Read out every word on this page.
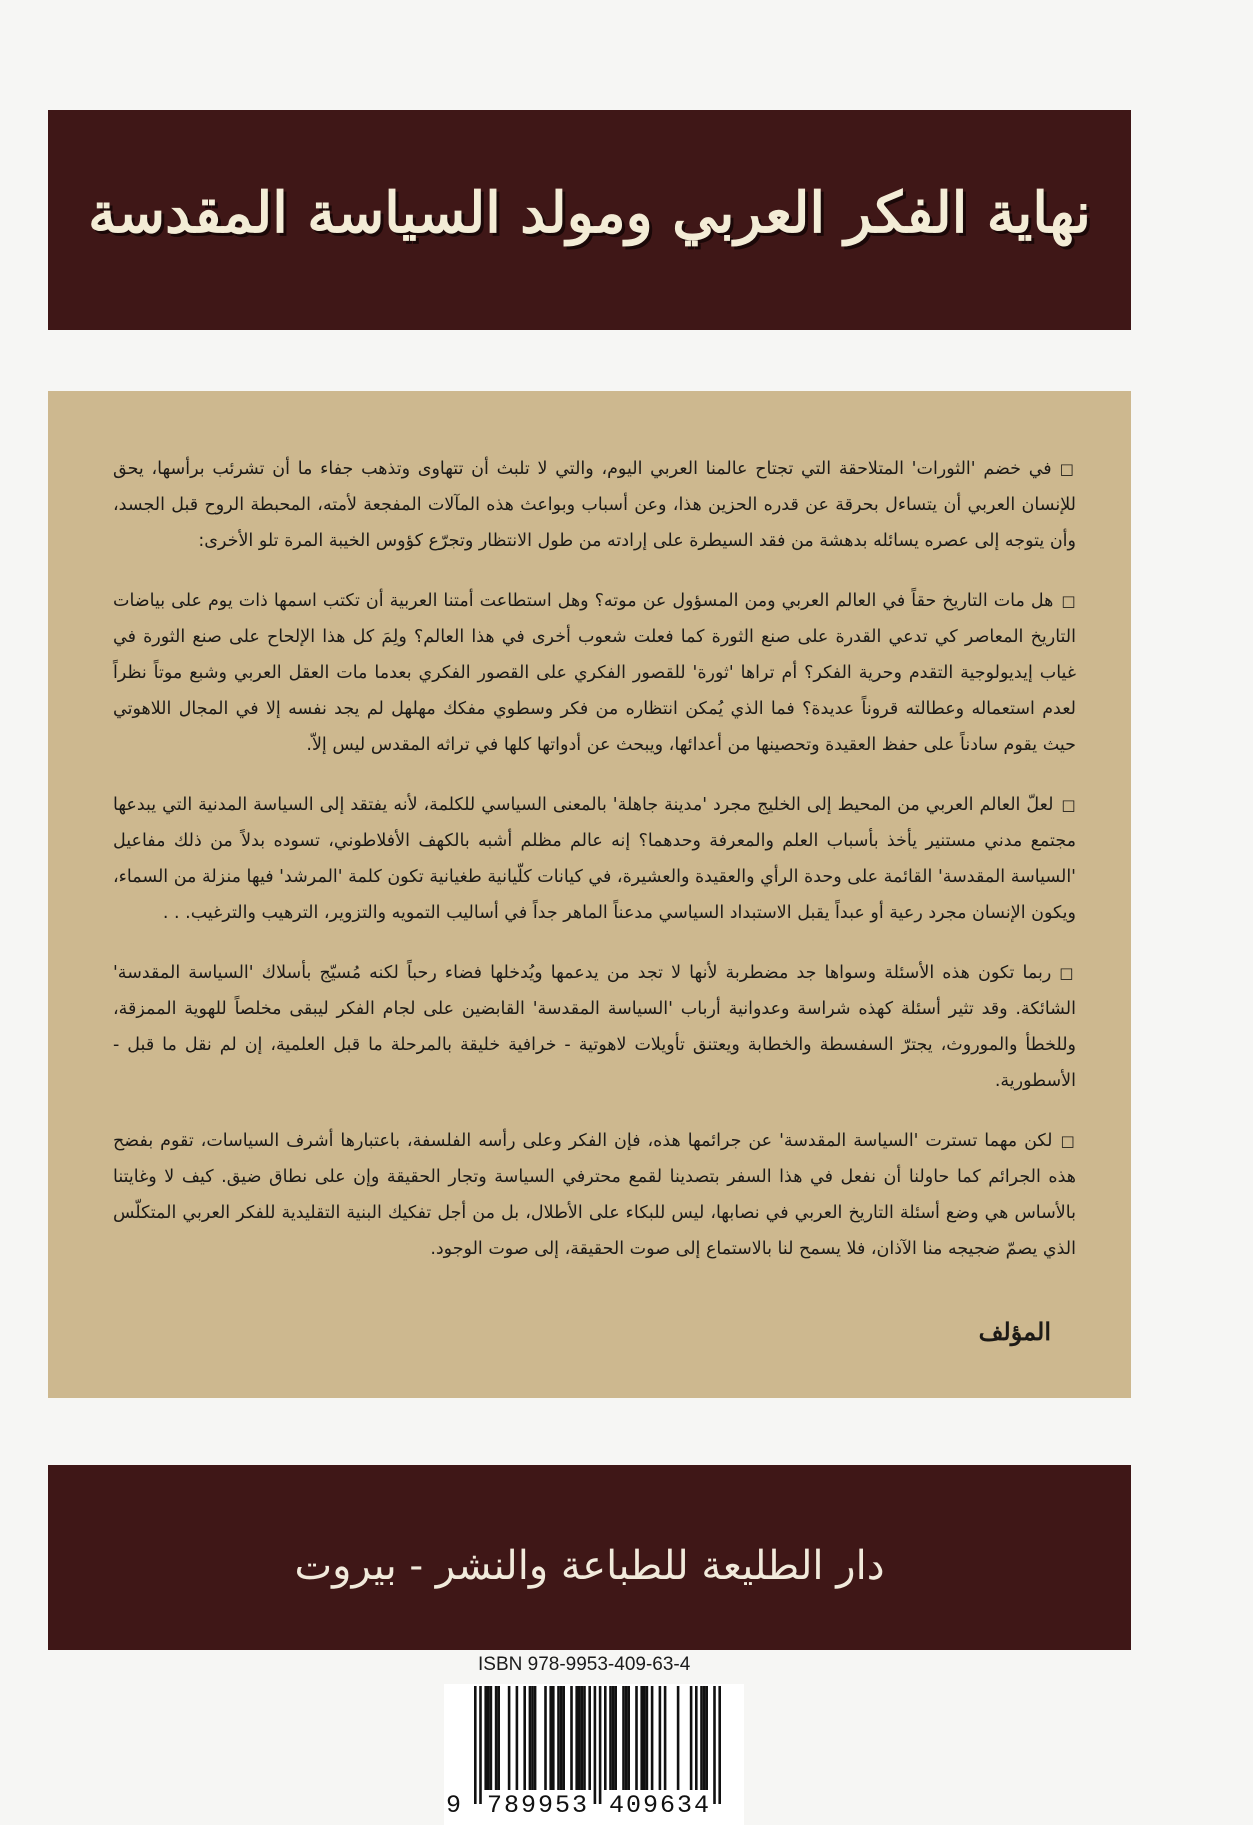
نهاية الفكر العربي ومولد السياسة المقدسة

□في خضم 'الثورات' المتلاحقة التي تجتاح عالمنا العربي اليوم، والتي لا تلبث أن تتهاوى وتذهب جفاء ما أن تشرئب برأسها، يحق للإنسان العربي أن يتساءل بحرقة عن قدره الحزين هذا، وعن أسباب وبواعث هذه المآلات المفجعة لأمته، المحبطة الروح قبل الجسد، وأن يتوجه إلى عصره يسائله بدهشة من فقد السيطرة على إرادته من طول الانتظار وتجرّع كؤوس الخيبة المرة تلو الأخرى:

□هل مات التاريخ حقاً في العالم العربي ومن المسؤول عن موته؟ وهل استطاعت أمتنا العربية أن تكتب اسمها ذات يوم على بياضات التاريخ المعاصر كي تدعي القدرة على صنع الثورة كما فعلت شعوب أخرى في هذا العالم؟ ولِمَ كل هذا الإلحاح على صنع الثورة في غياب إيديولوجية التقدم وحرية الفكر؟ أم تراها 'ثورة' للقصور الفكري على القصور الفكري بعدما مات العقل العربي وشبع موتاً نظراً لعدم استعماله وعطالته قروناً عديدة؟ فما الذي يُمكن انتظاره من فكر وسطوي مفكك مهلهل لم يجد نفسه إلا في المجال اللاهوتي حيث يقوم سادناً على حفظ العقيدة وتحصينها من أعدائها، ويبحث عن أدواتها كلها في تراثه المقدس ليس إلاّ.

□لعلّ العالم العربي من المحيط إلى الخليج مجرد 'مدينة جاهلة' بالمعنى السياسي للكلمة، لأنه يفتقد إلى السياسة المدنية التي يبدعها مجتمع مدني مستنير يأخذ بأسباب العلم والمعرفة وحدهما؟ إنه عالم مظلم أشبه بالكهف الأفلاطوني، تسوده بدلاً من ذلك مفاعيل 'السياسة المقدسة' القائمة على وحدة الرأي والعقيدة والعشيرة، في كيانات كلّيانية طغيانية تكون كلمة 'المرشد' فيها منزلة من السماء، ويكون الإنسان مجرد رعية أو عبداً يقبل الاستبداد السياسي مدعناً الماهر جداً في أساليب التمويه والتزوير، الترهيب والترغيب. . .

□ربما تكون هذه الأسئلة وسواها جد مضطربة لأنها لا تجد من يدعمها ويُدخلها فضاء رحباً لكنه مُسيّج بأسلاك 'السياسة المقدسة' الشائكة. وقد تثير أسئلة كهذه شراسة وعدوانية أرباب 'السياسة المقدسة' القابضين على لجام الفكر ليبقى مخلصاً للهوية الممزقة، وللخطأ والموروث، يجترّ السفسطة والخطابة ويعتنق تأويلات لاهوتية - خرافية خليقة بالمرحلة ما قبل العلمية، إن لم نقل ما قبل - الأسطورية.

□لكن مهما تسترت 'السياسة المقدسة' عن جرائمها هذه، فإن الفكر وعلى رأسه الفلسفة، باعتبارها أشرف السياسات، تقوم بفضح هذه الجرائم كما حاولنا أن نفعل في هذا السفر بتصدينا لقمع محترفي السياسة وتجار الحقيقة وإن على نطاق ضيق. كيف لا وغايتنا بالأساس هي وضع أسئلة التاريخ العربي في نصابها، ليس للبكاء على الأطلال، بل من أجل تفكيك البنية التقليدية للفكر العربي المتكلّس الذي يصمّ ضجيجه منا الآذان، فلا يسمح لنا بالاستماع إلى صوت الحقيقة، إلى صوت الوجود.

المؤلف
دار الطليعة للطباعة والنشر - بيروت
ISBN 978-9953-409-63-4
9 789953 409634
